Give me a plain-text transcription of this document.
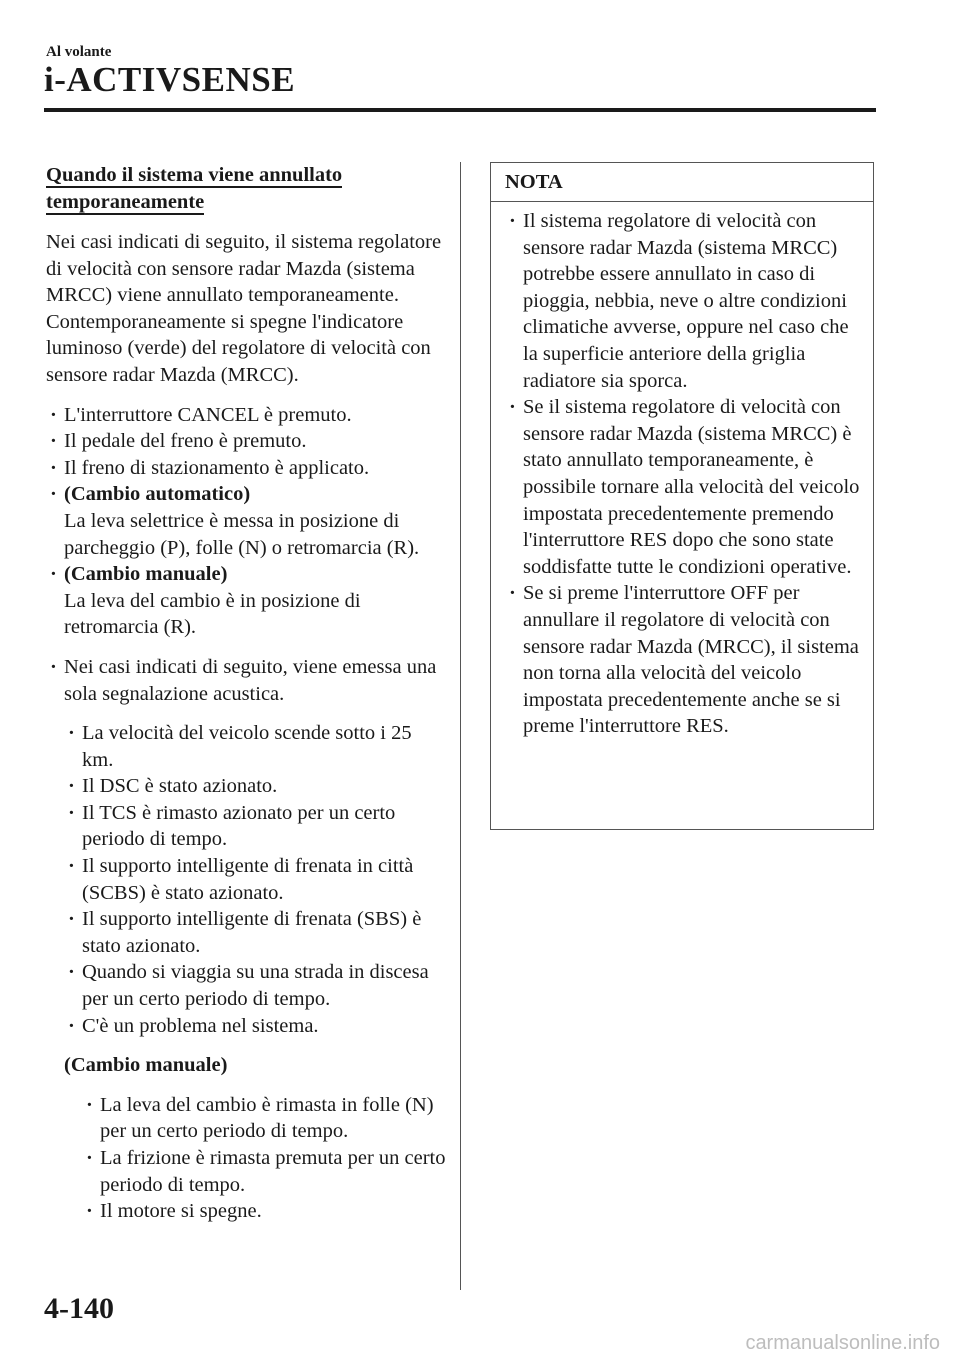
Al volante
i-ACTIVSENSE
Quando il sistema viene annullato
temporaneamente
Nei casi indicati di seguito, il sistema regolatore di velocità con sensore radar Mazda (sistema MRCC) viene annullato temporaneamente. Contemporaneamente si spegne l'indicatore luminoso (verde) del regolatore di velocità con sensore radar Mazda (MRCC).
· L'interruttore CANCEL è premuto.
· Il pedale del freno è premuto.
· Il freno di stazionamento è applicato.
· (Cambio automatico)
La leva selettrice è messa in posizione di parcheggio (P), folle (N) o retromarcia (R).
· (Cambio manuale)
La leva del cambio è in posizione di retromarcia (R).
· Nei casi indicati di seguito, viene emessa una sola segnalazione acustica.
· La velocità del veicolo scende sotto i 25 km.
· Il DSC è stato azionato.
· Il TCS è rimasto azionato per un certo periodo di tempo.
· Il supporto intelligente di frenata in città (SCBS) è stato azionato.
· Il supporto intelligente di frenata (SBS) è stato azionato.
· Quando si viaggia su una strada in discesa per un certo periodo di tempo.
· C'è un problema nel sistema.
(Cambio manuale)
· La leva del cambio è rimasta in folle (N) per un certo periodo di tempo.
· La frizione è rimasta premuta per un certo periodo di tempo.
· Il motore si spegne.
NOTA
· Il sistema regolatore di velocità con sensore radar Mazda (sistema MRCC) potrebbe essere annullato in caso di pioggia, nebbia, neve o altre condizioni climatiche avverse, oppure nel caso che la superficie anteriore della griglia radiatore sia sporca.
· Se il sistema regolatore di velocità con sensore radar Mazda (sistema MRCC) è stato annullato temporaneamente, è possibile tornare alla velocità del veicolo impostata precedentemente premendo l'interruttore RES dopo che sono state soddisfatte tutte le condizioni operative.
· Se si preme l'interruttore OFF per annullare il regolatore di velocità con sensore radar Mazda (MRCC), il sistema non torna alla velocità del veicolo impostata precedentemente anche se si preme l'interruttore RES.
4-140
carmanualsonline.info
